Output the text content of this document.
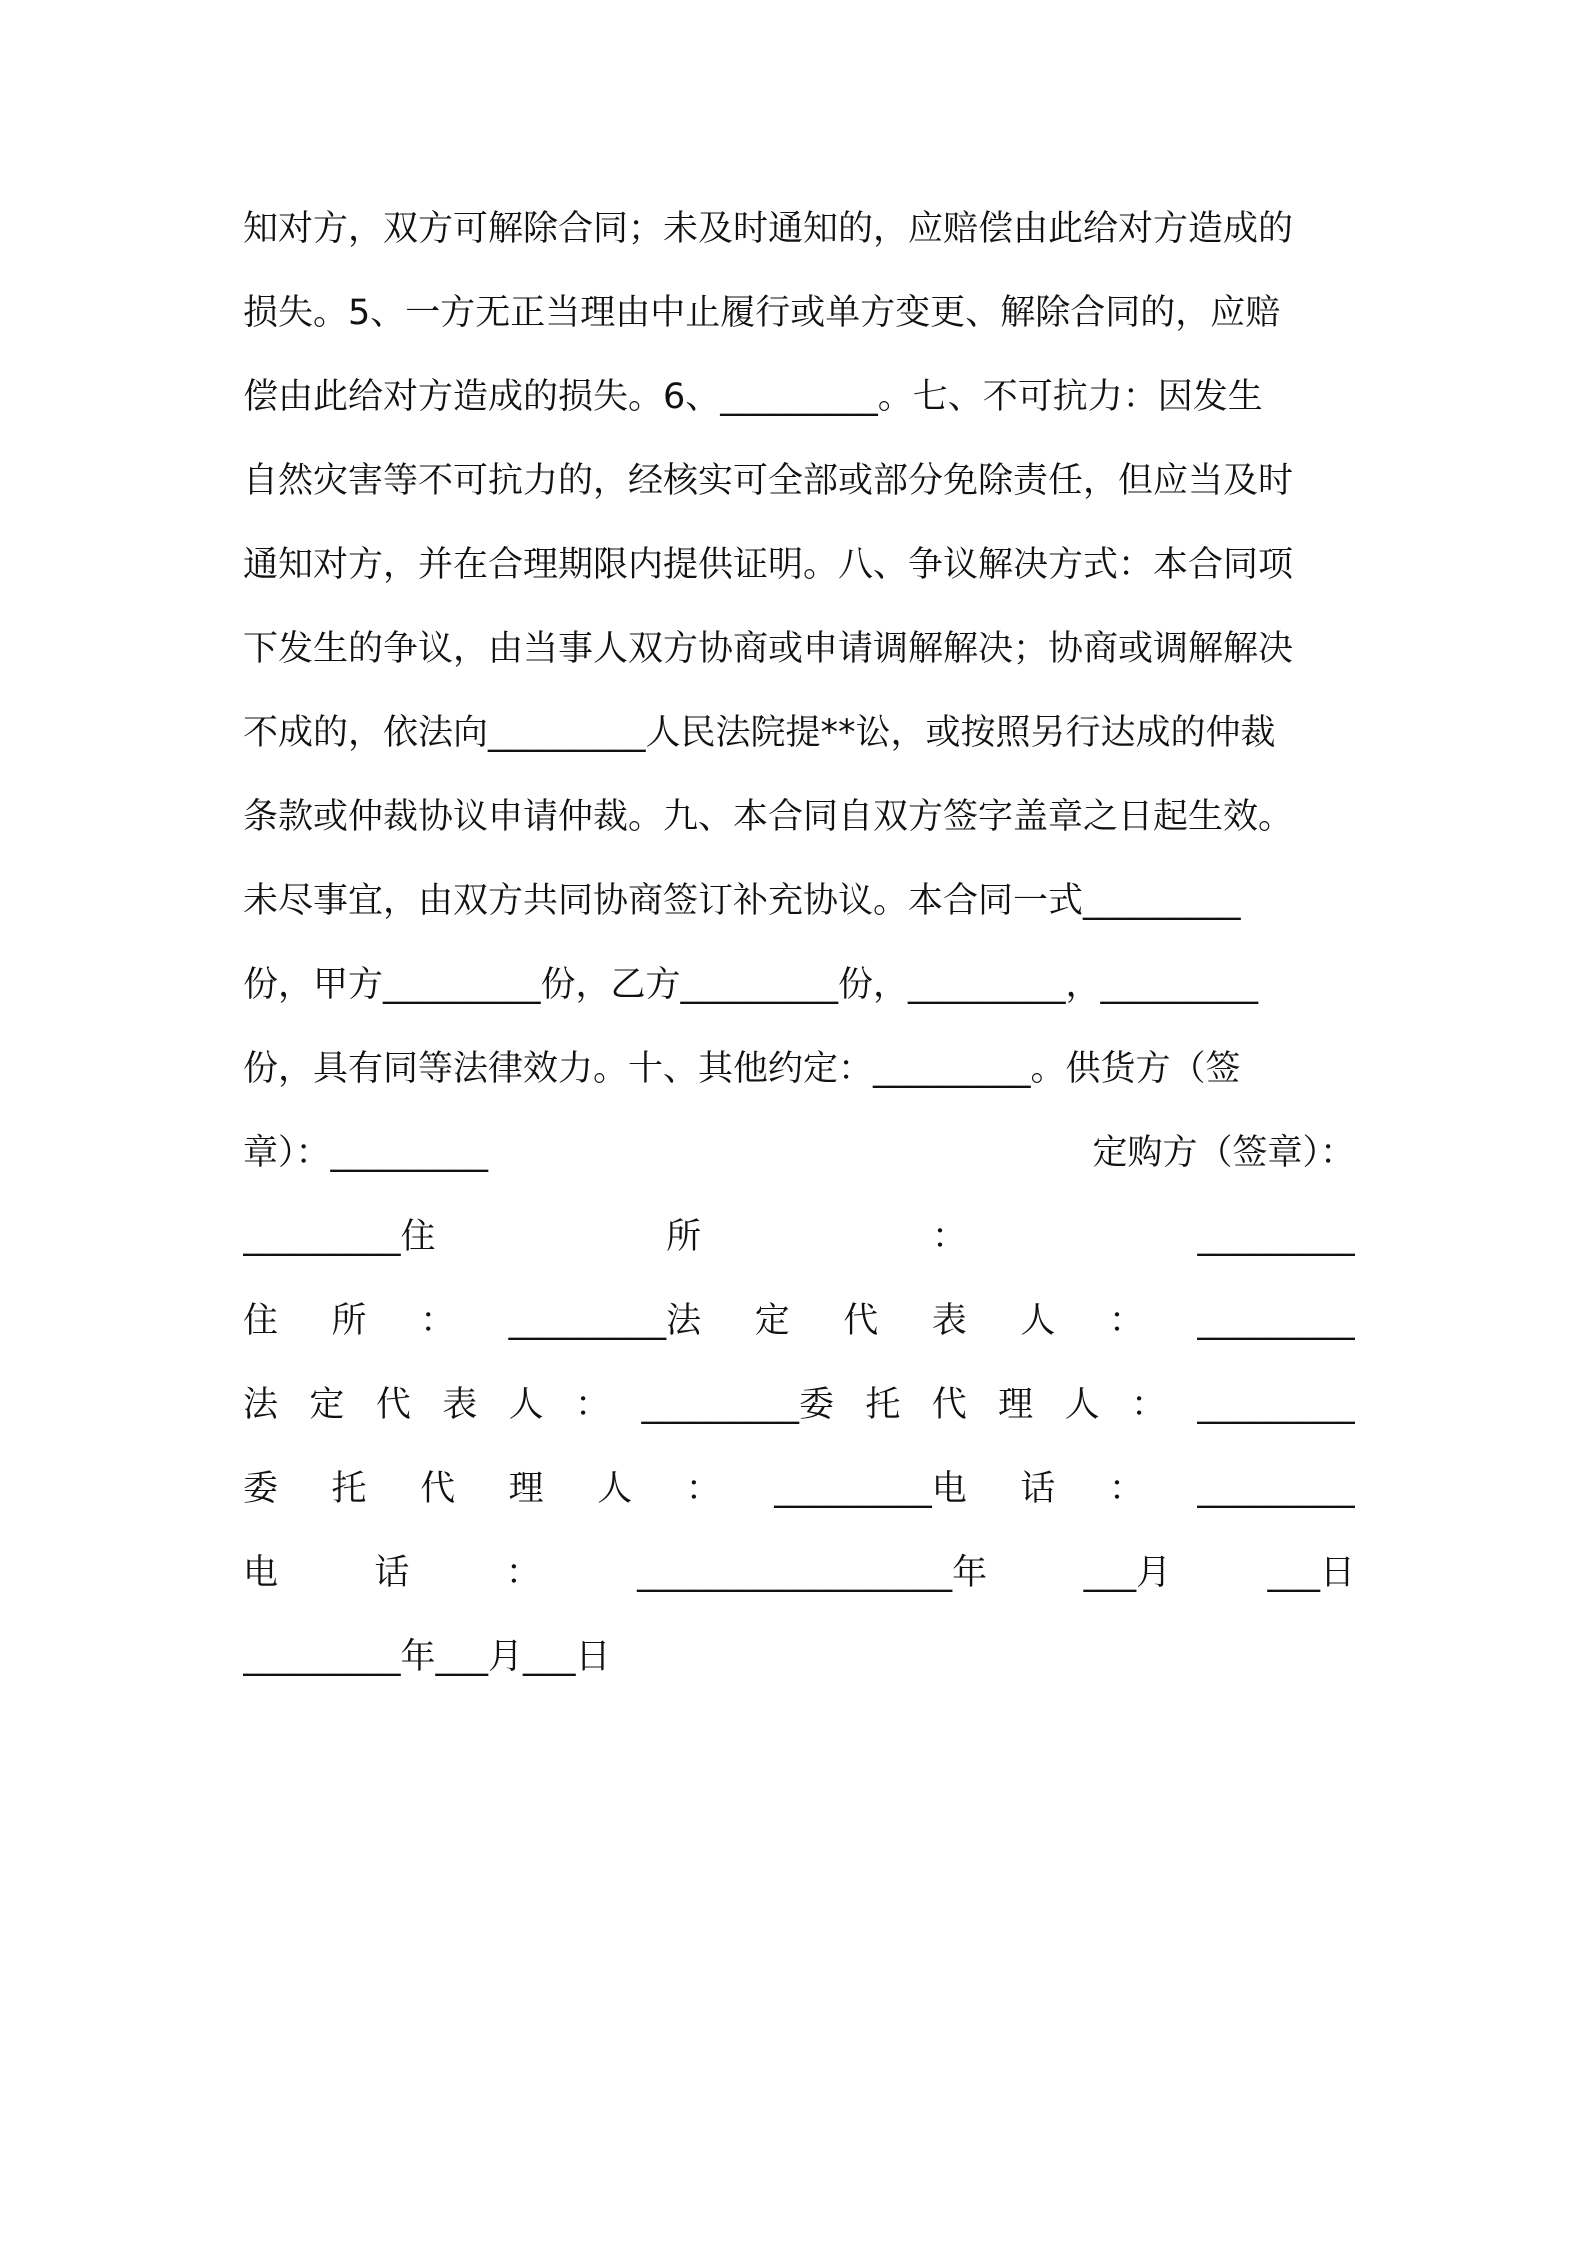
知对方，双方可解除合同；未及时通知的，应赔偿由此给对方造成的
损失。5、一方无正当理由中止履行或单方变更、解除合同的，应赔
偿由此给对方造成的损失。6、_________。七、不可抗力：因发生
自然灾害等不可抗力的，经核实可全部或部分免除责任，但应当及时
通知对方，并在合理期限内提供证明。八、争议解决方式：本合同项
下发生的争议，由当事人双方协商或申请调解解决；协商或调解解决
不成的，依法向_________人民法院提**讼，或按照另行达成的仲裁
条款或仲裁协议申请仲裁。九、本合同自双方签字盖章之日起生效。
未尽事宜，由双方共同协商签订补充协议。本合同一式_________
份，甲方_________份，乙方_________份，_________，_________
份，具有同等法律效力。十、其他约定：_________。供货方（签
章）：_________	定购方（签章）：
_________住	所	：	_________
住 所 ： _________法 定 代 表 人 ： _________
法 定 代 表 人 ： _________委 托 代 理 人 ： _________
委 托 代 理 人 ： _________电 话 ： _________
电	话	：	__________________年	___月	___日
_________年___月___日
